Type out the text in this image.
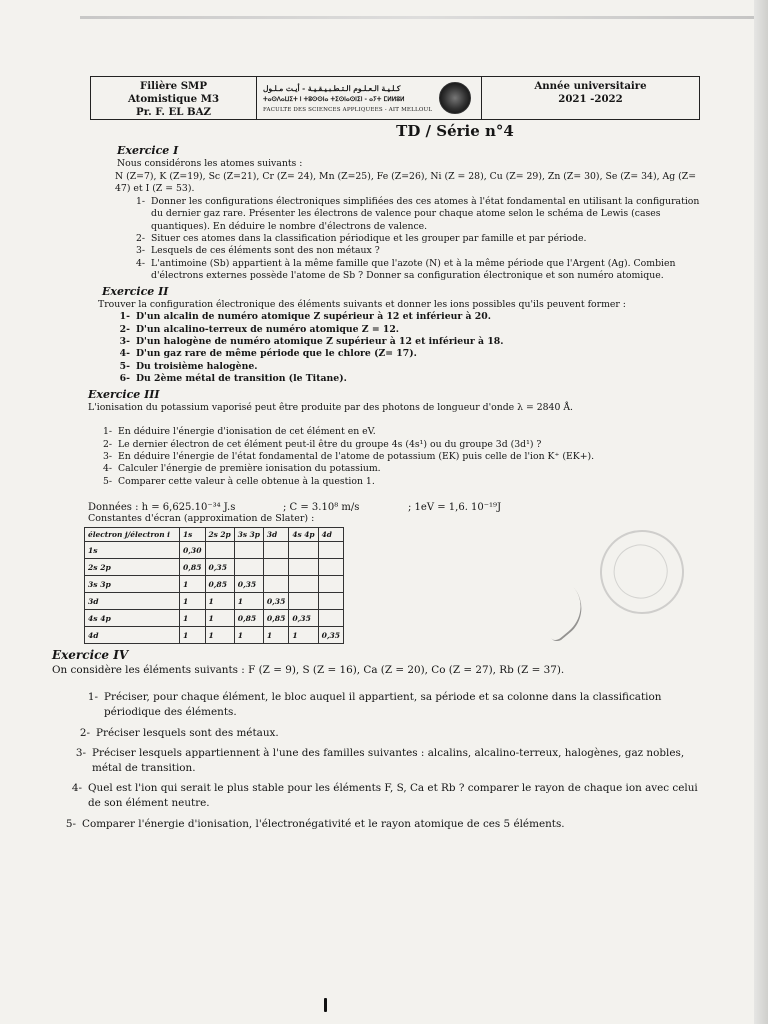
Filière SMP
Atomistique M3
Pr. F. EL BAZ
كـلـيـة الـعـلـوم الـتـطـبـيـقـيـة - أيـت مـلـول
ⵜⴰⵙⴷⴰⵡⵉⵜ ⵏ ⵜⵓⵙⵙⵏⴰ ⵜⵉⵙⵏⴰⵙⵏⵉⵏ - ⴰⵢⵜ ⵎⵍⵍⵓⵍ
FACULTE DES SCIENCES APPLIQUEES - AIT MELLOUL
Année universitaire
2021 -2022
TD / Série n°4
Exercice I

Nous considérons les atomes suivants :

N (Z=7), K (Z=19), Sc (Z=21), Cr (Z= 24), Mn (Z=25), Fe (Z=26), Ni (Z = 28), Cu (Z= 29), Zn (Z= 30), Se (Z= 34), Ag (Z= 47) et I (Z = 53).

1- Donner les configurations électroniques simplifiées des ces atomes à l'état fondamental en utilisant la configuration du dernier gaz rare. Présenter les électrons de valence pour chaque atome selon le schéma de Lewis (cases quantiques). En déduire le nombre d'électrons de valence.
2- Situer ces atomes dans la classification périodique et les grouper par famille et par période.
3- Lesquels de ces éléments sont des non métaux ?
4- L'antimoine (Sb) appartient à la même famille que l'azote (N) et à la même période que l'Argent (Ag). Combien d'électrons externes possède l'atome de Sb ? Donner sa configuration électronique et son numéro atomique.
Exercice II

Trouver la configuration électronique des éléments suivants et donner les ions possibles qu'ils peuvent former :

1- D'un alcalin de numéro atomique Z supérieur à 12 et inférieur à 20.
2- D'un alcalino-terreux de numéro atomique Z = 12.
3- D'un halogène de numéro atomique Z supérieur à 12 et inférieur à 18.
4- D'un gaz rare de même période que le chlore (Z= 17).
5- Du troisième halogène.
6- Du 2ème métal de transition (le Titane).
Exercice III

L'ionisation du potassium vaporisé peut être produite par des photons de longueur d'onde λ = 2840 Å.

1- En déduire l'énergie d'ionisation de cet élément en eV.
2- Le dernier électron de cet élément peut-il être du groupe 4s (4s¹) ou du groupe 3d (3d¹) ?
3- En déduire l'énergie de l'état fondamental de l'atome de potassium (EK) puis celle de l'ion K⁺ (EK+).
4- Calculer l'énergie de première ionisation du potassium.
5- Comparer cette valeur à celle obtenue à la question 1.
Données : h = 6,625.10⁻³⁴ J.s	; C = 3.10⁸ m/s	; 1eV = 1,6. 10⁻¹⁹J
Constantes d'écran (approximation de Slater) :
électron j/électron i	1s	2s 2p	3s 3p	3d	4s 4p	4d
1s	0,30					
2s 2p	0,85	0,35				
3s 3p	1	0,85	0,35			
3d	1	1	1	0,35		
4s 4p	1	1	0,85	0,85	0,35	
4d	1	1	1	1	1	0,35
Exercice IV

On considère les éléments suivants : F (Z = 9), S (Z = 16), Ca (Z = 20), Co (Z = 27), Rb (Z = 37).

1- Préciser, pour chaque élément, le bloc auquel il appartient, sa période et sa colonne dans la classification périodique des éléments.
2- Préciser lesquels sont des métaux.
3- Préciser lesquels appartiennent à l'une des familles suivantes : alcalins, alcalino-terreux, halogènes, gaz nobles, métal de transition.
4- Quel est l'ion qui serait le plus stable pour les éléments F, S, Ca et Rb ? comparer le rayon de chaque ion avec celui de son élément neutre.
5- Comparer l'énergie d'ionisation, l'électronégativité et le rayon atomique de ces 5 éléments.
